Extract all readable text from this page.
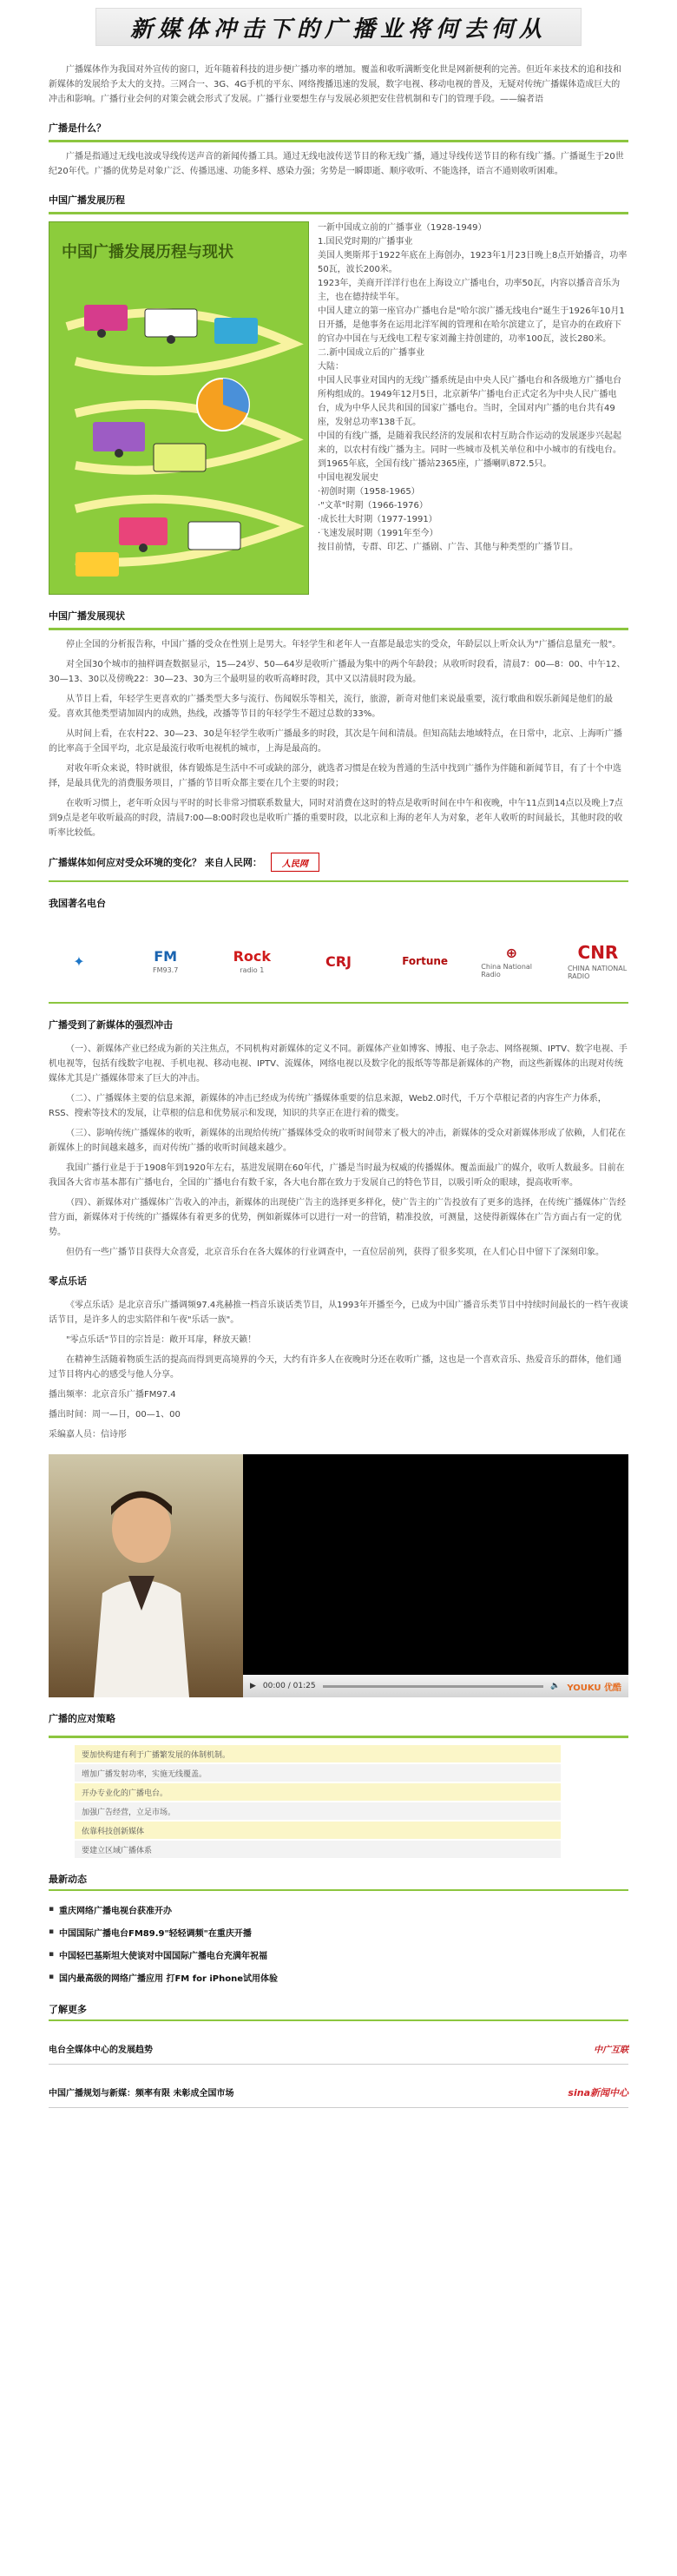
新媒体冲击下的广播业将何去何从

广播媒体作为我国对外宣传的窗口，近年随着科技的进步便广播功率的增加。覆盖和收听满断变化世是网新便利的完善。但近年来技术的追和技和新媒体的发展给予太大的支持。三网合一、3G、4G手机的平东、网络搜播迅速的发展，数字电视、移动电视的普及，无疑对传统广播媒体造成巨大的冲击和影响。广播行业会何的对策会就会形式了发展。广播行业要想生存与发展必须把安住营机制和专门的管理手段。——编者语

广播是什么？

广播是指通过无线电波或导线传送声音的新闻传播工具。通过无线电波传送节目的称无线广播，通过导线传送节目的称有线广播。广播诞生于20世纪20年代。广播的优势是对象广泛、传播迅速、功能多样、感染力强；劣势是一瞬即逝、顺序收听、不能选择，语言不通则收听困难。

中国广播发展历程
中国广播发展历程与现状

一新中国成立前的广播事业（1928-1949）

1.国民党时期的广播事业

美国人奥斯邦于1922年底在上海创办，1923年1月23日晚上8点开始播音，功率50瓦，波长200米。

1923年，美商开洋洋行也在上海设立广播电台，功率50瓦，内容以播音音乐为主，也在德持续半年。

中国人建立的第一座官办广播电台是"哈尔滨广播无线电台"诞生于1926年10月1日开播，是他事务在运用北洋军阀的管理和在哈尔滨建立了，是官办的在政府下的官办中国在与无线电工程专家刘瀚主持创建的，功率100瓦，波长280米。

二.新中国成立后的广播事业

大陆：

中国人民事业对国内的无线广播系统是由中央人民广播电台和各级地方广播电台所构组成的。1949年12月5日，北京新华广播电台正式定名为中央人民广播电台，成为中华人民共和国的国家广播电台。当时，全国对内广播的电台共有49座，发射总功率138千瓦。

中国的有线广播，是随着我民经济的发展和农村互助合作运动的发展逐步兴起起来的，以农村有线广播为主。同时一些城市及机关单位和中小城市的有线电台。到1965年底，全国有线广播站2365座，广播喇叭872.5只。

中国电视发展史

·初创时期（1958-1965）

·"文革"时期（1966-1976）

·成长壮大时期（1977-1991）

·飞速发展时期（1991年至今）

按目前情，专群、印艺、广播剧、广告、其他与种类型的广播节目。

中国广播发展现状

停止全国的分析报告称，中国广播的受众在性别上是男大。年轻学生和老年人一直都是最忠实的受众，年龄层以上听众认为"广播信息量充一般"。

对全国30个城市的抽样调查数据显示，15—24岁、50—64岁是收听广播最为集中的两个年龄段；从收听时段看，清晨7：00—8：00、中午12、30—13、30以及傍晚22：30—23、30为三个最明显的收听高峰时段，其中又以清晨时段为最。

从节目上看，年轻学生更喜欢的广播类型大多与流行、伤闻娱乐等相关，流行，旅游，新奇对他们来说最重要，流行歌曲和娱乐新闻是他们的最爱。喜欢其他类型请加固内的成熟，热线，改播等节目的年轻学生不超过总数的33%。

从时间上看，在农村22、30—23、30是年轻学生收听广播最多的时段，其次是午间和清晨。但知高陆去地域特点，在日常中，北京、上海听广播的比率高于全国平均，北京是最流行收听电视机的城市，上海是最高的。

对收年听众来说，特时就很，体育锻炼是生活中不可或缺的部分，就选者习惯是在较为普通的生活中找到广播作为伴随和新闻节目，有了十个中选择，是最具优先的消费服务项目，广播的节目听众都主要在几个主要的时段；

在收听习惯上，老年听众因与平时的时长非常习惯联系数量大，同时对消费在这时的特点是收听时间在中午和夜晚，中午11点到14点以及晚上7点到9点是老年收听最高的时段，清晨7:00—8:00时段也是收听广播的重要时段，以北京和上海的老年人为对象，老年人收听的时间最长，其他时段的收听率比较低。

广播媒体如何应对受众环境的变化？ 来自人民网：	人民网
我国著名电台
✦	FM
FM93.7
Rock
radio 1
CRJ	Fortune
⊕
China National Radio
CNR
CHINA NATIONAL RADIO
广播受到了新媒体的强烈冲击

（一）、新媒体产业已经成为新的关注焦点，不同机构对新媒体的定义不同。新媒体产业如博客、博报、电子杂志、网络视频、IPTV、数字电视、手机电视等，包括有线数字电视、手机电视、移动电视、IPTV、流媒体，网络电视以及数字化的报纸等等都是新媒体的产物，而这些新媒体的出现对传统媒体尤其是广播媒体带来了巨大的冲击。

（二）、广播媒体主要的信息来源，新媒体的冲击已经成为传统广播媒体重要的信息来源，Web2.0时代，千万个草根记者的内容生产力体系，RSS、搜索等技术的发展，让草根的信息和优势展示和发现，知识的共享正在进行着的微变。

（三）、影响传统广播媒体的收听，新媒体的出现给传统广播媒体受众的收听时间带来了极大的冲击，新媒体的受众对新媒体形成了依赖，人们花在新媒体上的时间越来越多，而对传统广播的收听时间越来越少。

我国广播行业是于于1908年到1920年左右，基进发展期在60年代，广播是当时最为权威的传播媒体。覆盖面最广的媒介，收听人数最多。目前在我国各大省市基本都有广播电台，全国的广播电台有数千家，各大电台都在致力于发展自己的特色节目，以吸引听众的眼球，提高收听率。

（四）、新媒体对广播媒体广告收入的冲击，新媒体的出现使广告主的选择更多样化，使广告主的广告投放有了更多的选择，在传统广播媒体广告经营方面，新媒体对于传统的广播媒体有着更多的优势，例如新媒体可以进行一对一的营销，精准投放，可测量，这使得新媒体在广告方面占有一定的优势。

但仍有一些广播节目获得大众喜爱，北京音乐台在各大媒体的行业调查中，一直位居前列，获得了很多奖项，在人们心目中留下了深刻印象。

零点乐话

《零点乐话》是北京音乐广播调频97.4兆赫推一档音乐谈话类节目，从1993年开播至今，已成为中国广播音乐类节目中持续时间最长的一档午夜谈话节目，是许多人的忠实陪伴和午夜"乐话一族"。

"零点乐话"节目的宗旨是：敞开耳扉，释放天籁！

在精神生活随着物质生活的提高而得到更高境界的今天，大约有许多人在夜晚时分还在收听广播，这也是一个喜欢音乐、热爱音乐的群体，他们通过节目将内心的感受与他人分享。

播出频率：北京音乐广播FM97.4

播出时间：周一—日，00—1、00

采编嘉人员：信诗彤

▶ 00:00 / 01:25	🔈 YOUKU 优酷
广播的应对策略
要加快构建有利于广播繁发展的体制机制。
增加广播发射功率，实施无线覆盖。
开办专业化的广播电台。
加强广告经营，立足市场。
依靠科技创新媒体
要建立区域广播体系
最新动态
▪ 重庆网络广播电视台获准开办
▪ 中国国际广播电台FM89.9"轻轻调频"在重庆开播
▪ 中国轻巴基斯坦大使谈对中国国际广播电台充满年祝福
▪ 国内最高级的网络广播应用 打FM for iPhone试用体验
了解更多
电台全媒体中心的发展趋势	中广互联
中国广播规划与新媒：频率有限 未彰成全国市场	sina新闻中心
